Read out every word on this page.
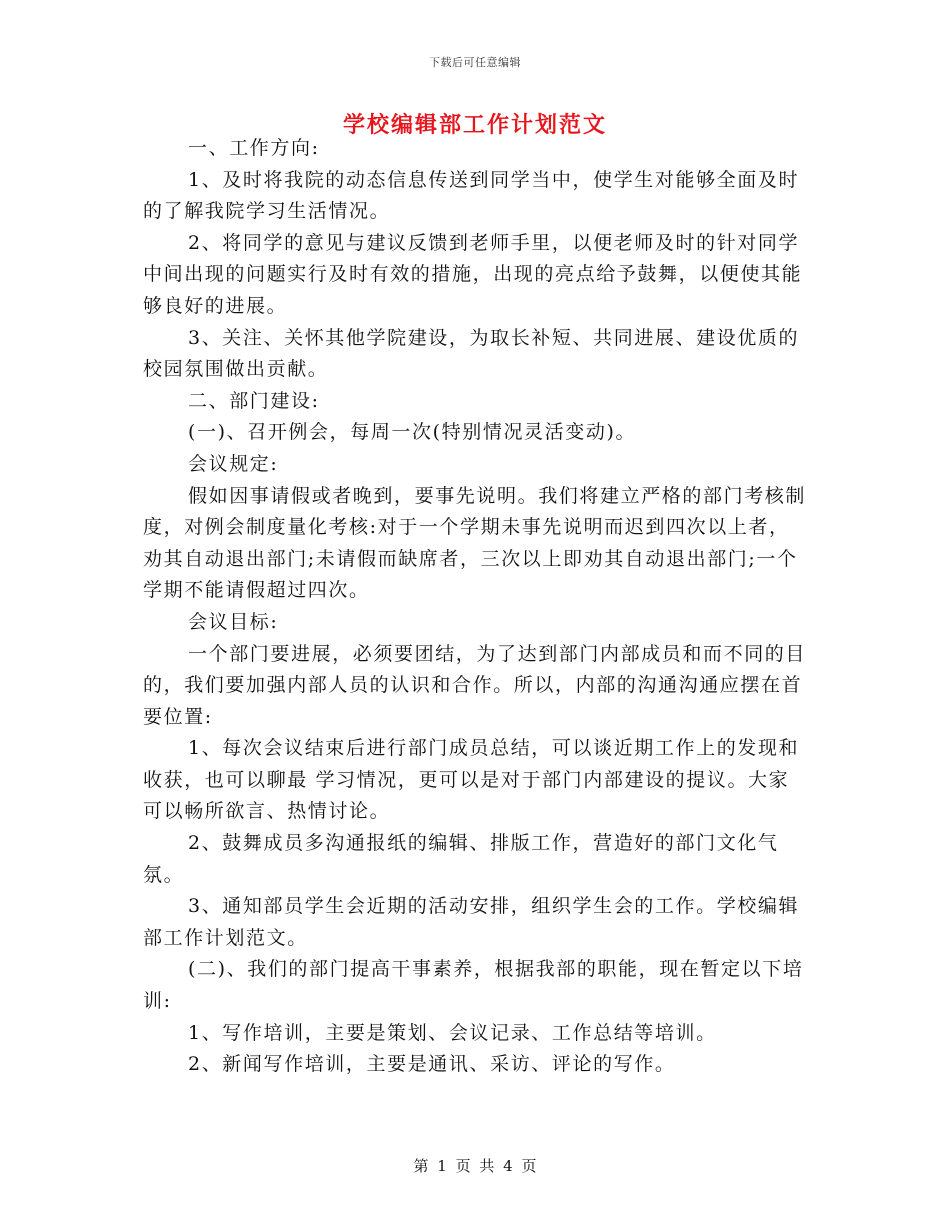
下载后可任意编辑
学校编辑部工作计划范文

一、工作方向:

1、及时将我院的动态信息传送到同学当中，使学生对能够全面及时的了解我院学习生活情况。

2、将同学的意见与建议反馈到老师手里，以便老师及时的针对同学中间出现的问题实行及时有效的措施，出现的亮点给予鼓舞，以便使其能够良好的进展。

3、关注、关怀其他学院建设，为取长补短、共同进展、建设优质的校园氛围做出贡献。

二、部门建设:

(一)、召开例会，每周一次(特别情况灵活变动)。

会议规定:

假如因事请假或者晚到，要事先说明。我们将建立严格的部门考核制度，对例会制度量化考核:对于一个学期未事先说明而迟到四次以上者，劝其自动退出部门;未请假而缺席者，三次以上即劝其自动退出部门;一个学期不能请假超过四次。

会议目标:

一个部门要进展，必须要团结，为了达到部门内部成员和而不同的目的，我们要加强内部人员的认识和合作。所以，内部的沟通沟通应摆在首要位置:

1、每次会议结束后进行部门成员总结，可以谈近期工作上的发现和收获，也可以聊最 学习情况，更可以是对于部门内部建设的提议。大家可以畅所欲言、热情讨论。

2、鼓舞成员多沟通报纸的编辑、排版工作，营造好的部门文化气氛。

3、通知部员学生会近期的活动安排，组织学生会的工作。学校编辑部工作计划范文。

(二)、我们的部门提高干事素养，根据我部的职能，现在暂定以下培训:

1、写作培训，主要是策划、会议记录、工作总结等培训。

2、新闻写作培训，主要是通讯、采访、评论的写作。

第 1 页 共 4 页
